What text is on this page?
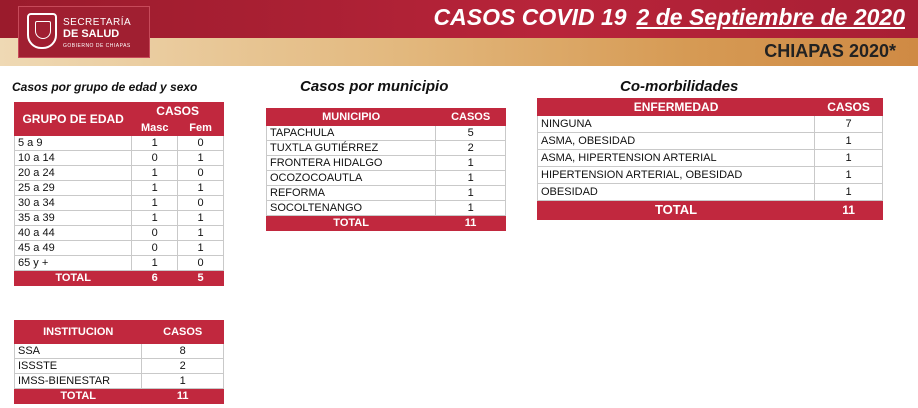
SECRETARÍA
DE SALUD
GOBIERNO DE CHIAPAS
CASOS COVID 19 2 de Septiembre de 2020
CHIAPAS 2020*
Casos por grupo de edad y sexo
GRUPO DE EDAD	CASOS	
	Masc	Fem
5 a 9	1	0
10 a 14	0	1
20 a 24	1	0
25 a 29	1	1
30 a 34	1	0
35 a 39	1	1
40 a 44	0	1
45 a 49	0	1
65 y +	1	0
TOTAL	6	5
INSTITUCION	CASOS
SSA	8
ISSSTE	2
IMSS-BIENESTAR	1
TOTAL	11
Casos por municipio
MUNICIPIO	CASOS
TAPACHULA	5
TUXTLA GUTIÉRREZ	2
FRONTERA HIDALGO	1
OCOZOCOAUTLA	1
REFORMA	1
SOCOLTENANGO	1
TOTAL	11
Co-morbilidades
ENFERMEDAD	CASOS
NINGUNA	7
ASMA, OBESIDAD	1
ASMA, HIPERTENSION ARTERIAL	1
HIPERTENSION ARTERIAL, OBESIDAD	1
OBESIDAD	1
TOTAL	11
